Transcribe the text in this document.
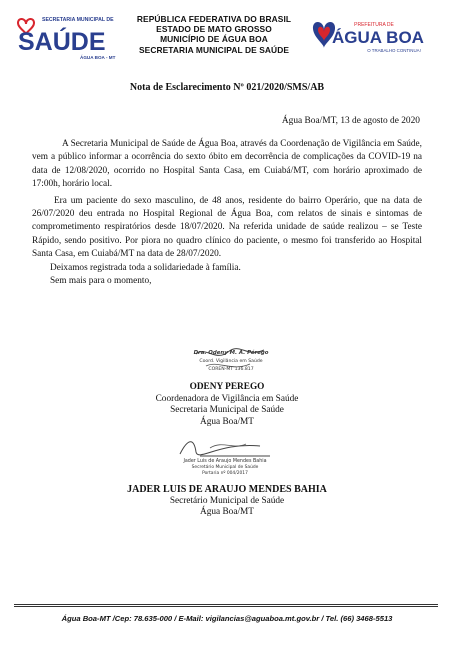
SECRETARIA MUNICIPAL DE
SAÚDE
ÁGUA BOA - MT
REPÚBLICA FEDERATIVA DO BRASIL
ESTADO DE MATO GROSSO
MUNICÍPIO DE ÁGUA BOA
SECRETARIA MUNICIPAL DE SAÚDE
PREFEITURA DE
ÁGUA BOA
O TRABALHO CONTINUA!
Nota de Esclarecimento Nº 021/2020/SMS/AB
Água Boa/MT, 13 de agosto de 2020

A Secretaria Municipal de Saúde de Água Boa, através da Coordenação de Vigilância em Saúde, vem a público informar a ocorrência do sexto óbito em decorrência de complicações da COVID-19 na data de 12/08/2020, ocorrido no Hospital Santa Casa, em Cuiabá/MT, com horário aproximado de 17:00h, horário local.

Era um paciente do sexo masculino, de 48 anos, residente do bairro Operário, que na data de 26/07/2020 deu entrada no Hospital Regional de Água Boa, com relatos de sinais e sintomas de comprometimento respiratórios desde 18/07/2020. Na referida unidade de saúde realizou – se Teste Rápido, sendo positivo. Por piora no quadro clínico do paciente, o mesmo foi transferido ao Hospital Santa Casa, em Cuiabá/MT na data de 28/07/2020.

Deixamos registrada toda a solidariedade à família.

Sem mais para o momento,

Dra. Odeny M. A. Pérego
Coord. Vigilância em Saúde
COREN-MT 136.817
ODENY PEREGO
Coordenadora de Vigilância em Saúde
Secretaria Municipal de Saúde
Água Boa/MT
Jader Luis de Araujo Mendes Bahia
Secretário Municipal de Saúde
Portaria nº 004/2017
JADER LUIS DE ARAUJO MENDES BAHIA
Secretário Municipal de Saúde
Água Boa/MT
Água Boa-MT /Cep: 78.635-000 / E-Mail: vigilancias@aguaboa.mt.gov.br / Tel. (66) 3468-5513
